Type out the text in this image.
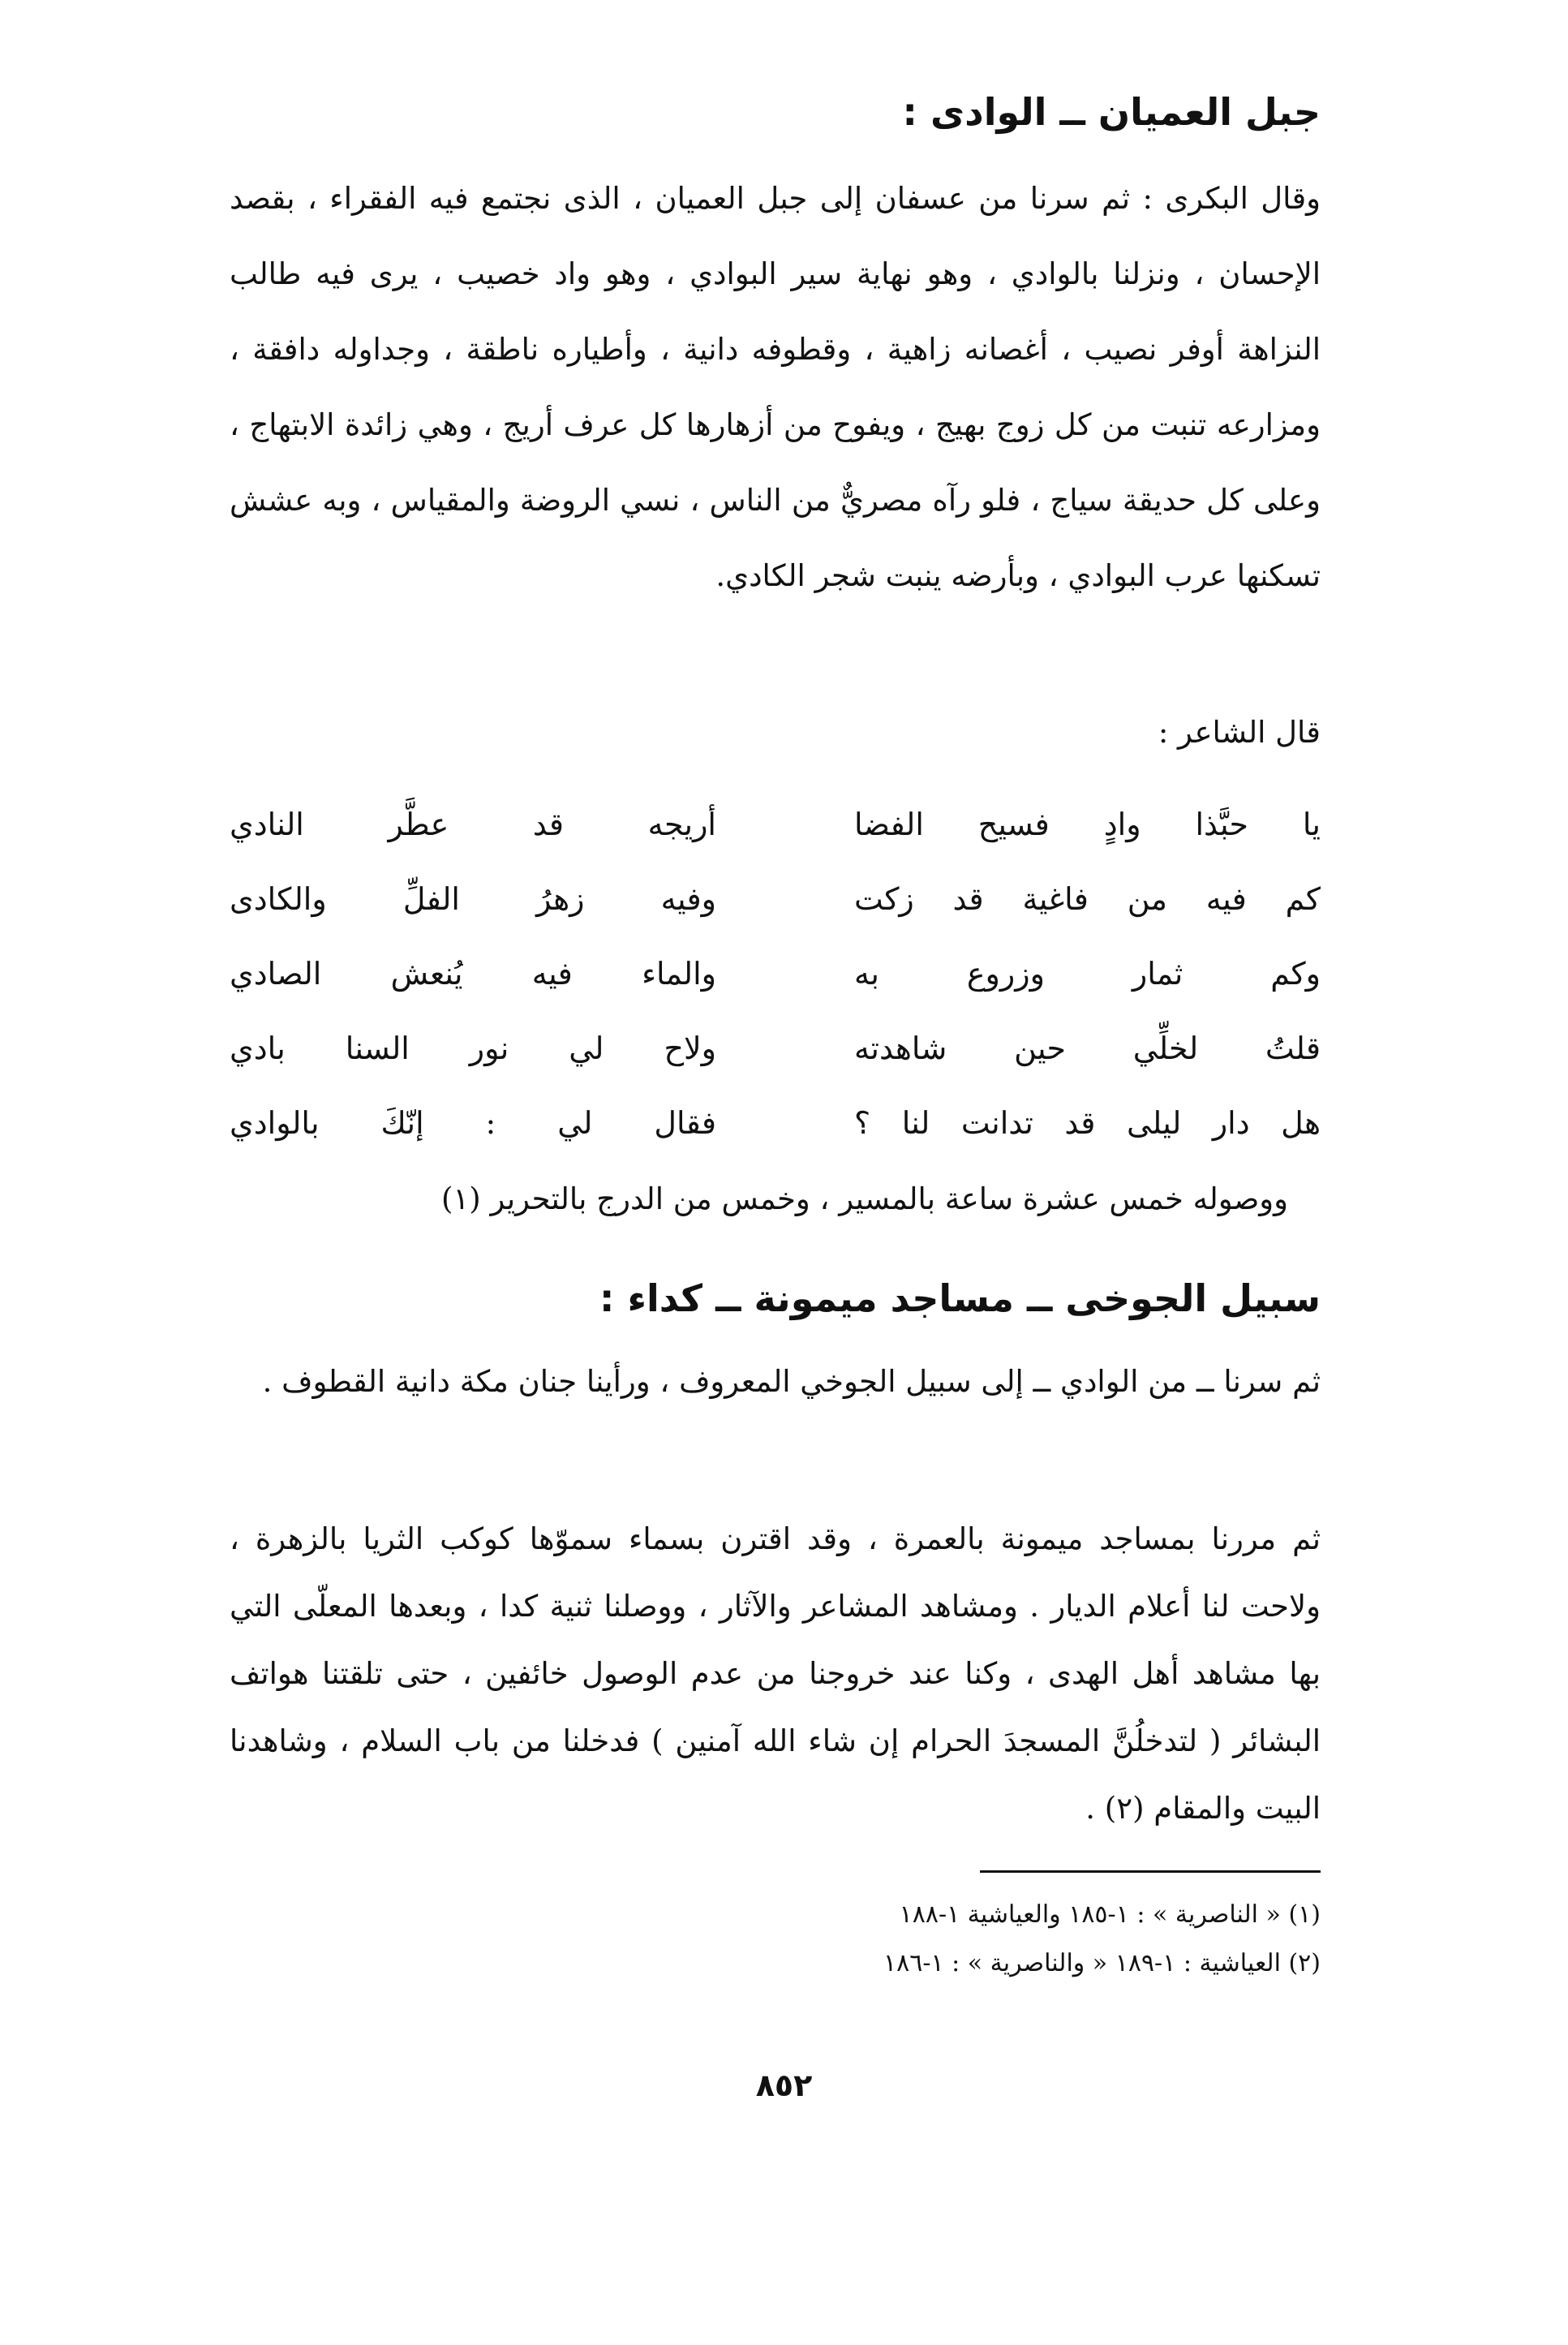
جبل العميان ــ الوادى :

وقال البكرى : ثم سرنا من عسفان إلى جبل العميان ، الذى نجتمع فيه الفقراء ، بقصد الإحسان ، ونزلنا بالوادي ، وهو نهاية سير البوادي ، وهو واد خصيب ، يرى فيه طالب النزاهة أوفر نصيب ، أغصانه زاهية ، وقطوفه دانية ، وأطياره ناطقة ، وجداوله دافقة ، ومزارعه تنبت من كل زوج بهيج ، ويفوح من أزهارها كل عرف أريج ، وهي زائدة الابتهاج ، وعلى كل حديقة سياج ، فلو رآه مصريٌّ من الناس ، نسي الروضة والمقياس ، وبه عشش تسكنها عرب البوادي ، وبأرضه ينبت شجر الكادي.

قال الشاعر :

يا حبَّذا وادٍ فسيح الفضا
أريجه قد عطَّر النادي
كم فيه من فاغية قد زكت
وفيه زهرُ الفلِّ والكادى
وكم ثمار وزروع به
والماء فيه يُنعش الصادي
قلتُ لخلِّي حين شاهدته
ولاح لي نور السنا بادي
هل دار ليلى قد تدانت لنا ؟
فقال لي : إنّكَ بالوادي

ووصوله خمس عشرة ساعة بالمسير ، وخمس من الدرج بالتحرير (١)

سبيل الجوخى ــ مساجد ميمونة ــ كداء :

ثم سرنا ــ من الوادي ــ إلى سبيل الجوخي المعروف ، ورأينا جنان مكة دانية القطوف .

ثم مررنا بمساجد ميمونة بالعمرة ، وقد اقترن بسماء سموّها كوكب الثريا بالزهرة ، ولاحت لنا أعلام الديار . ومشاهد المشاعر والآثار ، ووصلنا ثنية كدا ، وبعدها المعلّى التي بها مشاهد أهل الهدى ، وكنا عند خروجنا من عدم الوصول خائفين ، حتى تلقتنا هواتف البشائر ( لتدخلُنَّ المسجدَ الحرام إن شاء الله آمنين ) فدخلنا من باب السلام ، وشاهدنا البيت والمقام (٢) .

(١) « الناصرية » : ١-١٨٥ والعياشية ١-١٨٨
(٢) العياشية : ١-١٨٩ « والناصرية » : ١-١٨٦
٨٥٢
